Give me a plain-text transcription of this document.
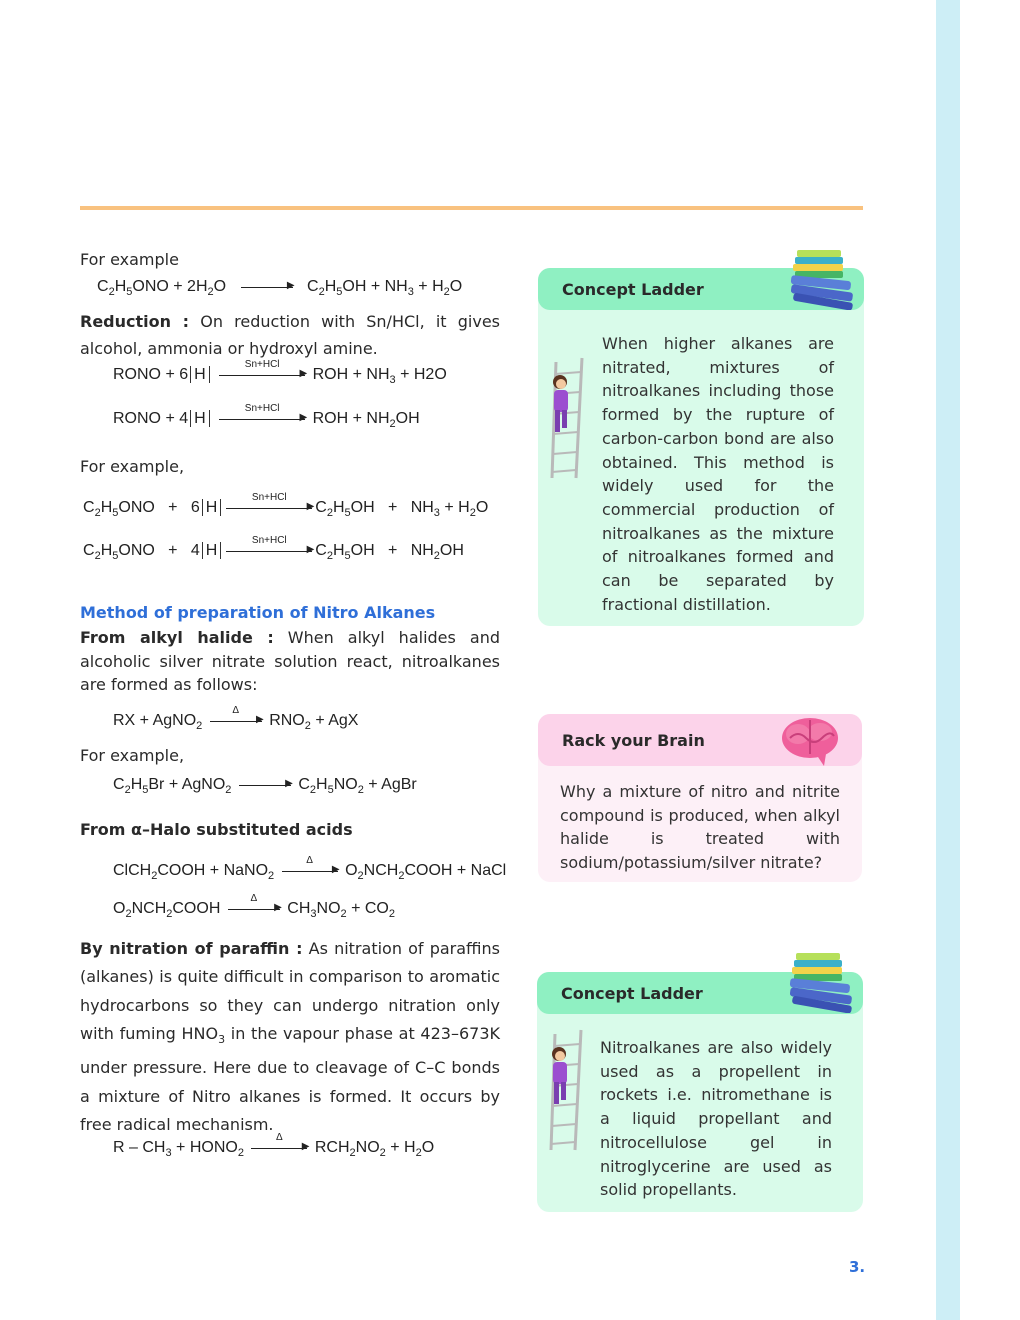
For example
$C_2H_5ONO + 2H_2O$	▶ $C_2H_5OH + NH_3 + H_2O$
Reduction : On reduction with Sn/HCl, it gives alcohol, ammonia or hydroxyl amine.
RONO + 6 H
Sn+HCl
▶ ROH + $NH_3 + H2O$
RONO + 4 H
Sn+HCl
▶ ROH + $NH_2OH$
For example,
$C_2H_5ONO + 6$ H
Sn+HCl
▶ $C_2H_5OH + NH_3 + H_2O$
$C_2H_5ONO + 4$ H
Sn+HCl
▶ $C_2H_5OH + NH_2OH$
Method of preparation of Nitro Alkanes
From alkyl halide : When alkyl halides and alcoholic silver nitrate solution react, nitroalkanes are formed as follows:
RX + AgNO$_2$
Δ
▶ $RNO_2$ + AgX
For example,
$C_2H_5Br$ + AgNO$_2$
▶ $C_2H_5NO_2$ + AgBr
From α–Halo substituted acids
ClCH$_2$COOH + NaNO$_2$
Δ
▶ $O_2NCH_2COOH$ + NaCl
$O_2NCH_2COOH$
Δ
▶ $CH_3NO_2 + CO_2$
By nitration of paraffin : As nitration of paraffins (alkanes) is quite difficult in comparison to aromatic hydrocarbons so they can undergo nitration only with fuming $HNO_3$ in the vapour phase at 423–673K under pressure. Here due to cleavage of C–C bonds a mixture of Nitro alkanes is formed. It occurs by free radical mechanism.
R – $CH_3$ + $HONO_2$
Δ
▶ $RCH_2NO_2 + H_2O$
Concept Ladder
When higher alkanes are nitrated, mixtures of nitroalkanes including those formed by the rupture of carbon-carbon bond are also obtained. This method is widely used for the commercial production of nitroalkanes as the mixture of nitroalkanes formed and can be separated by fractional distillation.
Rack your Brain
Why a mixture of nitro and nitrite compound is produced, when alkyl halide is treated with sodium/potassium/silver nitrate?
Concept Ladder
Nitroalkanes are also widely used as a propellent in rockets i.e. nitromethane is a liquid propellant and nitrocellulose gel in nitroglycerine are used as solid propellants.
3.
